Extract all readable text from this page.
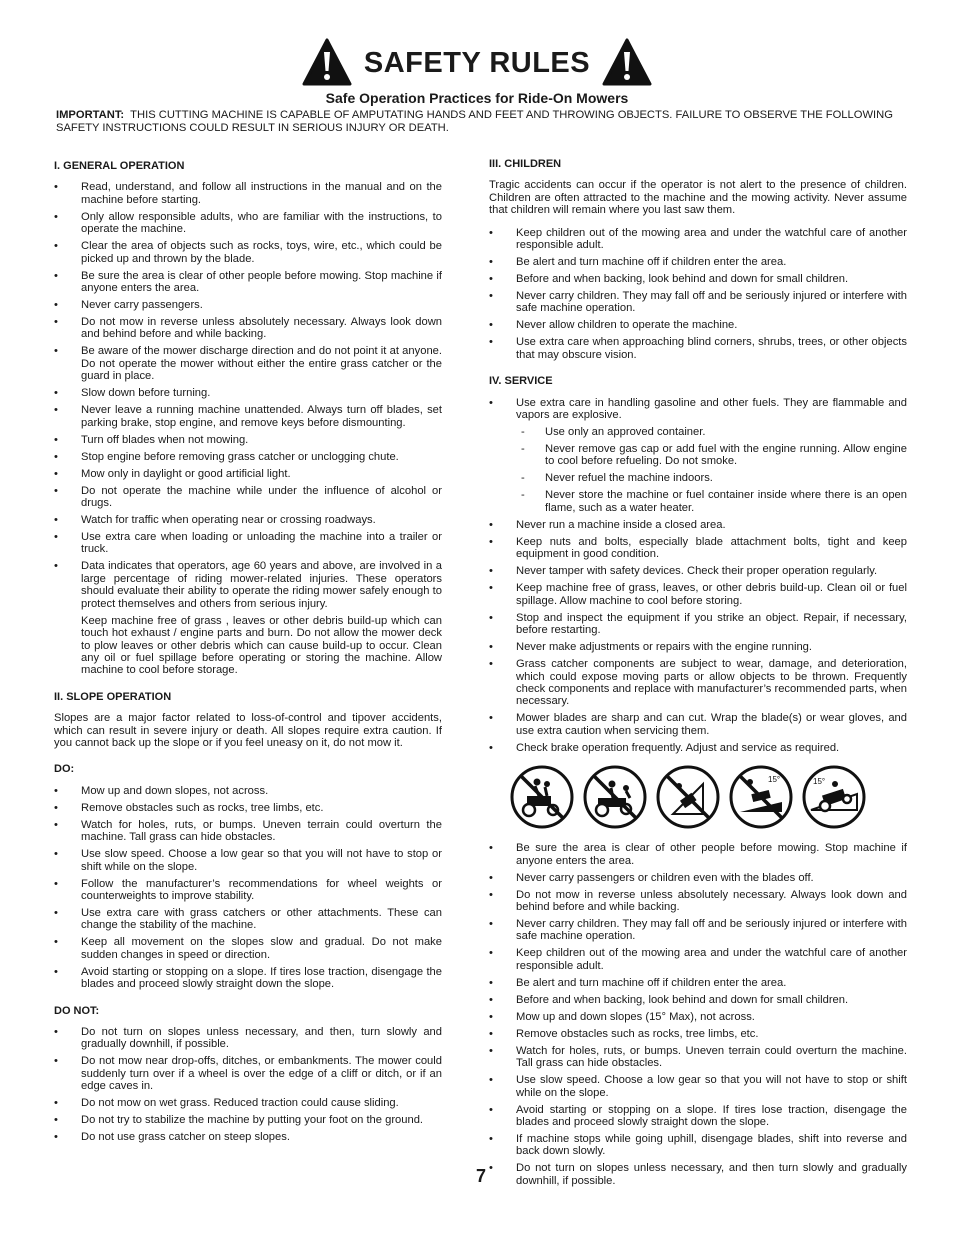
SAFETY RULES
Safe Operation Practices for Ride-On Mowers
IMPORTANT: THIS CUTTING MACHINE IS CAPABLE OF AMPUTATING HANDS AND FEET AND THROWING OBJECTS. FAILURE TO OBSERVE THE FOLLOWING SAFETY INSTRUCTIONS COULD RESULT IN SERIOUS INJURY OR DEATH.
I. GENERAL OPERATION
• Read, understand, and follow all instructions in the manual and on the machine before starting.
• Only allow responsible adults, who are familiar with the instructions, to operate the machine.
• Clear the area of objects such as rocks, toys, wire, etc., which could be picked up and thrown by the blade.
• Be sure the area is clear of other people before mowing. Stop machine if anyone enters the area.
• Never carry passengers.
• Do not mow in reverse unless absolutely necessary. Always look down and behind before and while backing.
• Be aware of the mower discharge direction and do not point it at anyone. Do not operate the mower without either the entire grass catcher or the guard in place.
• Slow down before turning.
• Never leave a running machine unattended. Always turn off blades, set parking brake, stop engine, and remove keys before dismounting.
• Turn off blades when not mowing.
• Stop engine before removing grass catcher or unclogging chute.
• Mow only in daylight or good artificial light.
• Do not operate the machine while under the influence of alcohol or drugs.
• Watch for traffic when operating near or crossing roadways.
• Use extra care when loading or unloading the machine into a trailer or truck.
• Data indicates that operators, age 60 years and above, are involved in a large percentage of riding mower-related injuries. These operators should evaluate their ability to operate the riding mower safely enough to protect themselves and others from serious injury.
Keep machine free of grass , leaves or other debris build-up which can touch hot exhaust / engine parts and burn. Do not allow the mower deck to plow leaves or other debris which can cause build-up to occur. Clean any oil or fuel spillage before operating or storing the machine. Allow machine to cool before storage.
II. SLOPE OPERATION

Slopes are a major factor related to loss-of-control and tipover accidents, which can result in severe injury or death. All slopes require extra caution. If you cannot back up the slope or if you feel uneasy on it, do not mow it.

DO:
• Mow up and down slopes, not across.
• Remove obstacles such as rocks, tree limbs, etc.
• Watch for holes, ruts, or bumps. Uneven terrain could overturn the machine. Tall grass can hide obstacles.
• Use slow speed. Choose a low gear so that you will not have to stop or shift while on the slope.
• Follow the manufacturer’s recommendations for wheel weights or counterweights to improve stability.
• Use extra care with grass catchers or other attachments. These can change the stability of the machine.
• Keep all movement on the slopes slow and gradual. Do not make sudden changes in speed or direction.
• Avoid starting or stopping on a slope. If tires lose traction, disengage the blades and proceed slowly straight down the slope.
DO NOT:
• Do not turn on slopes unless necessary, and then, turn slowly and gradually downhill, if possible.
• Do not mow near drop-offs, ditches, or embankments. The mower could suddenly turn over if a wheel is over the edge of a cliff or ditch, or if an edge caves in.
• Do not mow on wet grass. Reduced traction could cause sliding.
• Do not try to stabilize the machine by putting your foot on the ground.
• Do not use grass catcher on steep slopes.
III. CHILDREN

Tragic accidents can occur if the operator is not alert to the presence of children. Children are often attracted to the machine and the mowing activity. Never assume that children will remain where you last saw them.

• Keep children out of the mowing area and under the watchful care of another responsible adult.
• Be alert and turn machine off if children enter the area.
• Before and when backing, look behind and down for small children.
• Never carry children. They may fall off and be seriously injured or interfere with safe machine operation.
• Never allow children to operate the machine.
• Use extra care when approaching blind corners, shrubs, trees, or other objects that may obscure vision.
IV. SERVICE
• Use extra care in handling gasoline and other fuels. They are flammable and vapors are explosive.
- Use only an approved container.
- Never remove gas cap or add fuel with the engine running. Allow engine to cool before refueling. Do not smoke.
- Never refuel the machine indoors.
- Never store the machine or fuel container inside where there is an open flame, such as a water heater.
• Never run a machine inside a closed area.
• Keep nuts and bolts, especially blade attachment bolts, tight and keep equipment in good condition.
• Never tamper with safety devices. Check their proper operation regularly.
• Keep machine free of grass, leaves, or other debris build-up. Clean oil or fuel spillage. Allow machine to cool before storing.
• Stop and inspect the equipment if you strike an object. Repair, if necessary, before restarting.
• Never make adjustments or repairs with the engine running.
• Grass catcher components are subject to wear, damage, and deterioration, which could expose moving parts or allow objects to be thrown. Frequently check components and replace with manufacturer’s recommended parts, when necessary.
• Mower blades are sharp and can cut. Wrap the blade(s) or wear gloves, and use extra caution when servicing them.
• Check brake operation frequently. Adjust and service as required.
15°	15°
• Be sure the area is clear of other people before mowing. Stop machine if anyone enters the area.
• Never carry passengers or children even with the blades off.
• Do not mow in reverse unless absolutely necessary. Always look down and behind before and while backing.
• Never carry children. They may fall off and be seriously injured or interfere with safe machine operation.
• Keep children out of the mowing area and under the watchful care of another responsible adult.
• Be alert and turn machine off if children enter the area.
• Before and when backing, look behind and down for small children.
• Mow up and down slopes (15° Max), not across.
• Remove obstacles such as rocks, tree limbs, etc.
• Watch for holes, ruts, or bumps. Uneven terrain could overturn the machine. Tall grass can hide obstacles.
• Use slow speed. Choose a low gear so that you will not have to stop or shift while on the slope.
• Avoid starting or stopping on a slope. If tires lose traction, disengage the blades and proceed slowly straight down the slope.
• If machine stops while going uphill, disengage blades, shift into reverse and back down slowly.
• Do not turn on slopes unless necessary, and then turn slowly and gradually downhill, if possible.
7
